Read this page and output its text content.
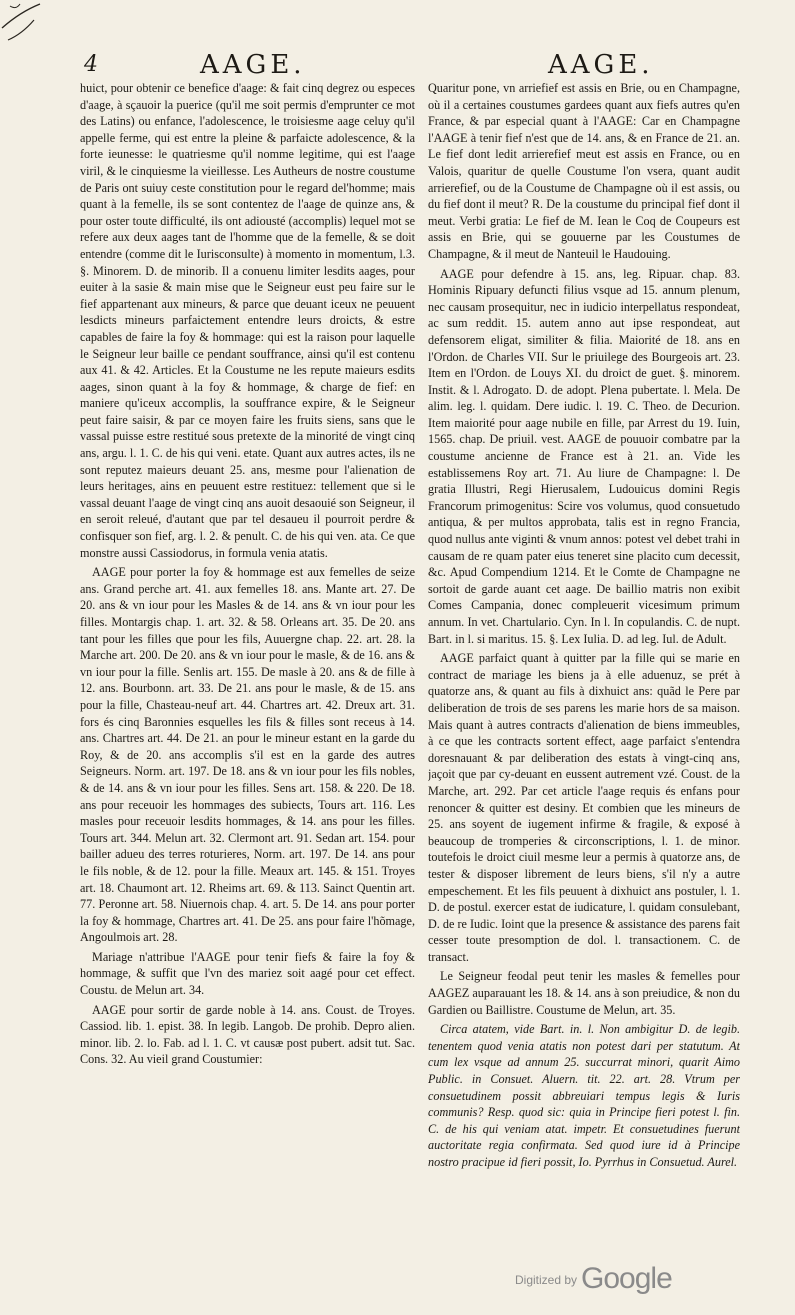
4	AAGE.	AAGE.

huict, pour obtenir ce benefice d'aage: & fait cinq degrez ou especes d'aage, à sçauoir la puerice (qu'il me soit permis d'emprunter ce mot des Latins) ou enfance, l'adolescence, le troisiesme aage celuy qu'il appelle ferme, qui est entre la pleine & parfaicte adolescence, & la forte ieunesse: le quatriesme qu'il nomme legitime, qui est l'aage viril, & le cinquiesme la vieillesse. Les Autheurs de nostre coustume de Paris ont suiuy ceste constitution pour le regard del'homme; mais quant à la femelle, ils se sont contentez de l'aage de quinze ans, & pour oster toute difficulté, ils ont adiousté (accomplis) lequel mot se refere aux deux aages tant de l'homme que de la femelle, & se doit entendre (comme dit le Iurisconsulte) à momento in momentum, l.3. §. Minorem. D. de minorib. Il a conuenu limiter lesdits aages, pour euiter à la sasie & main mise que le Seigneur eust peu faire sur le fief appartenant aux mineurs, & parce que deuant iceux ne peuuent lesdicts mineurs parfaictement entendre leurs droicts, & estre capables de faire la foy & hommage: qui est la raison pour laquelle le Seigneur leur baille ce pendant souffrance, ainsi qu'il est contenu aux 41. & 42. Articles. Et la Coustume ne les repute maieurs esdits aages, sinon quant à la foy & hommage, & charge de fief: en maniere qu'iceux accomplis, la souffrance expire, & le Seigneur peut faire saisir, & par ce moyen faire les fruits siens, sans que le vassal puisse estre restitué sous pretexte de la minorité de vingt cinq ans, argu. l. 1. C. de his qui veni. etate. Quant aux autres actes, ils ne sont reputez maieurs deuant 25. ans, mesme pour l'alienation de leurs heritages, ains en peuuent estre restituez: tellement que si le vassal deuant l'aage de vingt cinq ans auoit desaouié son Seigneur, il en seroit releué, d'autant que par tel desaueu il pourroit perdre & confisquer son fief, arg. l. 2. & penult. C. de his qui ven. ata. Ce que monstre aussi Cassiodorus, in formula venia atatis.

AAGE pour porter la foy & hommage est aux femelles de seize ans. Grand perche art. 41. aux femelles 18. ans. Mante art. 27. De 20. ans & vn iour pour les Masles & de 14. ans & vn iour pour les filles. Montargis chap. 1. art. 32. & 58. Orleans art. 35. De 20. ans tant pour les filles que pour les fils, Auuergne chap. 22. art. 28. la Marche art. 200. De 20. ans & vn iour pour le masle, & de 16. ans & vn iour pour la fille. Senlis art. 155. De masle à 20. ans & de fille à 12. ans. Bourbonn. art. 33. De 21. ans pour le masle, & de 15. ans pour la fille, Chasteau-neuf art. 44. Chartres art. 42. Dreux art. 31. fors és cinq Baronnies esquelles les fils & filles sont receus à 14. ans. Chartres art. 44. De 21. an pour le mineur estant en la garde du Roy, & de 20. ans accomplis s'il est en la garde des autres Seigneurs. Norm. art. 197. De 18. ans & vn iour pour les fils nobles, & de 14. ans & vn iour pour les filles. Sens art. 158. & 220. De 18. ans pour receuoir les hommages des subiects, Tours art. 116. Les masles pour receuoir lesdits hommages, & 14. ans pour les filles. Tours art. 344. Melun art. 32. Clermont art. 91. Sedan art. 154. pour bailler adueu des terres roturieres, Norm. art. 197. De 14. ans pour le fils noble, & de 12. pour la fille. Meaux art. 145. & 151. Troyes art. 18. Chaumont art. 12. Rheims art. 69. & 113. Sainct Quentin art. 77. Peronne art. 58. Niuernois chap. 4. art. 5. De 14. ans pour porter la foy & hommage, Chartres art. 41. De 25. ans pour faire l'hõmage, Angoulmois art. 28.

Mariage n'attribue l'AAGE pour tenir fiefs & faire la foy & hommage, & suffit que l'vn des mariez soit aagé pour cet effect. Coustu. de Melun art. 34.

AAGE pour sortir de garde noble à 14. ans. Coust. de Troyes. Cassiod. lib. 1. epist. 38. In legib. Langob. De prohib. Depro alien. minor. lib. 2. lo. Fab. ad l. 1. C. vt causæ post pubert. adsit tut. Sac. Cons. 32. Au vieil grand Coustumier:

Quaritur pone, vn arriefief est assis en Brie, ou en Champagne, où il a certaines coustumes gardees quant aux fiefs autres qu'en France, & par especial quant à l'AAGE: Car en Champagne l'AAGE à tenir fief n'est que de 14. ans, & en France de 21. an. Le fief dont ledit arrierefief meut est assis en France, ou en Valois, quaritur de quelle Coustume l'on vsera, quant audit arrierefief, ou de la Coustume de Champagne où il est assis, ou du fief dont il meut? R. De la coustume du principal fief dont il meut. Verbi gratia: Le fief de M. Iean le Coq de Coupeurs est assis en Brie, qui se gouuerne par les Coustumes de Champagne, & il meut de Nanteuil le Haudouing.

AAGE pour defendre à 15. ans, leg. Ripuar. chap. 83. Hominis Ripuary defuncti filius vsque ad 15. annum plenum, nec causam prosequitur, nec in iudicio interpellatus respondeat, ac sum reddit. 15. autem anno aut ipse respondeat, aut defensorem eligat, similiter & filia. Maiorité de 18. ans en l'Ordon. de Charles VII. Sur le priuilege des Bourgeois art. 23. Item en l'Ordon. de Louys XI. du droict de guet. §. minorem. Instit. & l. Adrogato. D. de adopt. Plena pubertate. l. Mela. De alim. leg. l. quidam. Dere iudic. l. 19. C. Theo. de Decurion. Item maiorité pour aage nubile en fille, par Arrest du 19. Iuin, 1565. chap. De priuil. vest. AAGE de pouuoir combatre par la coustume ancienne de France est à 21. an. Vide les establissemens Roy art. 71. Au liure de Champagne: l. De gratia Illustri, Regi Hierusalem, Ludouicus domini Regis Francorum primogenitus: Scire vos volumus, quod consuetudo antiqua, & per multos approbata, talis est in regno Francia, quod nullus ante viginti & vnum annos: potest vel debet trahi in causam de re quam pater eius teneret sine placito cum decessit, &c. Apud Compendium 1214. Et le Comte de Champagne ne sortoit de garde auant cet aage. De baillio matris non exibit Comes Campania, donec compleuerit vicesimum primum annum. In vet. Chartulario. Cyn. In l. In copulandis. C. de nupt. Bart. in l. si maritus. 15. §. Lex Iulia. D. ad leg. Iul. de Adult.

AAGE parfaict quant à quitter par la fille qui se marie en contract de mariage les biens ja à elle aduenuz, se prét à quatorze ans, & quant au fils à dixhuict ans: quãd le Pere par deliberation de trois de ses parens les marie hors de sa maison. Mais quant à autres contracts d'alienation de biens immeubles, à ce que les contracts sortent effect, aage parfaict s'entendra doresnauant & par deliberation des estats à vingt-cinq ans, jaçoit que par cy-deuant en eussent autrement vzé. Coust. de la Marche, art. 292. Par cet article l'aage requis és enfans pour renoncer & quitter est desiny. Et combien que les mineurs de 25. ans soyent de iugement infirme & fragile, & exposé à beaucoup de tromperies & circonscriptions, l. 1. de minor. toutefois le droict ciuil mesme leur a permis à quatorze ans, de tester & disposer librement de leurs biens, s'il n'y a autre empeschement. Et les fils peuuent à dixhuict ans postuler, l. 1. D. de postul. exercer estat de iudicature, l. quidam consulebant, D. de re Iudic. Ioint que la presence & assistance des parens fait cesser toute presomption de dol. l. transactionem. C. de transact.

Le Seigneur feodal peut tenir les masles & femelles pour AAGEZ auparauant les 18. & 14. ans à son preiudice, & non du Gardien ou Baillistre. Coustume de Melun, art. 35.

Circa atatem, vide Bart. in. l. Non ambigitur D. de legib. tenentem quod venia atatis non potest dari per statutum. At cum lex vsque ad annum 25. succurrat minori, quarit Aimo Public. in Consuet. Aluern. tit. 22. art. 28. Vtrum per consuetudinem possit abbreuiari tempus legis & Iuris communis? Resp. quod sic: quia in Principe fieri potest l. fin. C. de his qui veniam atat. impetr. Et consuetudines fuerunt auctoritate regia confirmata. Sed quod iure id à Principe nostro pracipue id fieri possit, Io. Pyrrhus in Consuetud. Aurel.

$^{Digitized by}$ Google
